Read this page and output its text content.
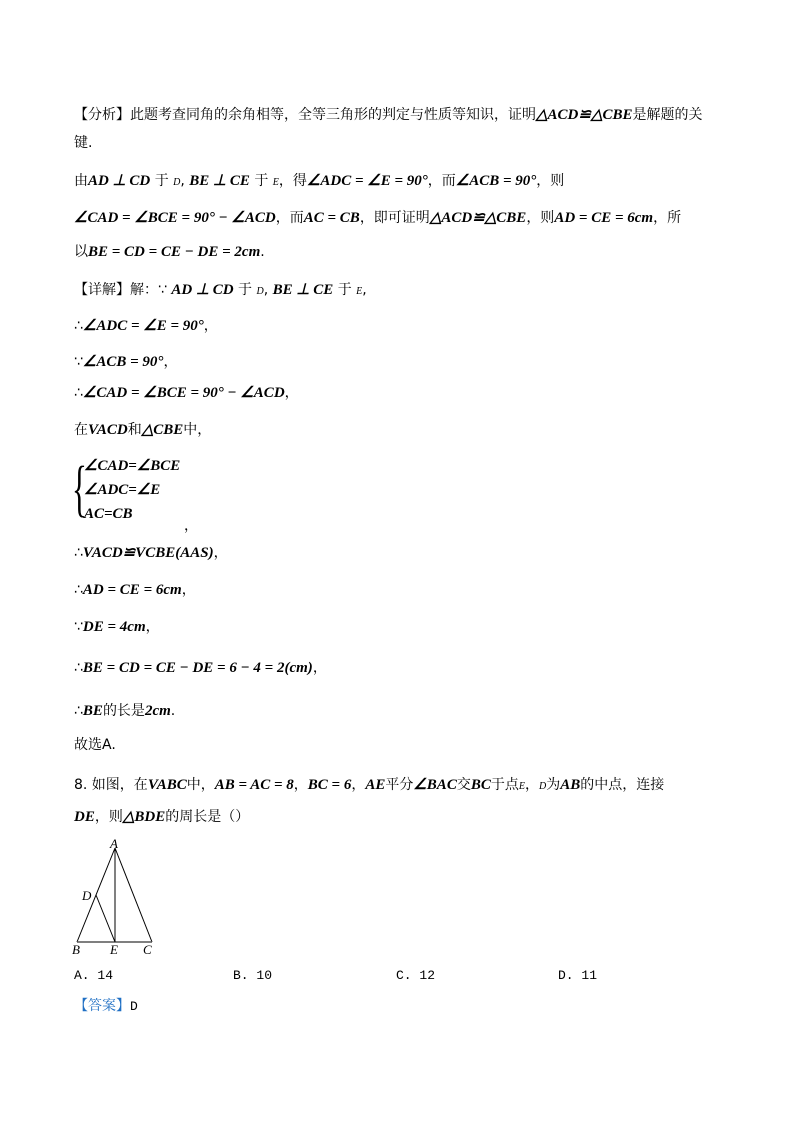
【分析】此题考查同角的余角相等，全等三角形的判定与性质等知识，证明△ACD≌△CBE是解题的关
键.
由AD ⊥ CD 于 D, BE ⊥ CE 于 E，得∠ADC = ∠E = 90°，而∠ACB = 90°，则
∠CAD = ∠BCE = 90° − ∠ACD，而AC = CB，即可证明△ACD≌△CBE，则AD = CE = 6cm，所
以BE = CD = CE − DE = 2cm.
【详解】解：∵ AD ⊥ CD 于 D, BE ⊥ CE 于 E,
∴∠ADC = ∠E = 90°，
∵∠ACB = 90°，
∴∠CAD = ∠BCE = 90° − ∠ACD，
在VACD和△CBE中，
∠CAD=∠BCE
∠ADC=∠E
AC=CB
，
∴VACD≌VCBE(AAS)，
∴AD = CE = 6cm，
∵DE = 4cm，
∴BE = CD = CE − DE = 6 − 4 = 2(cm)，
∴BE的长是2cm.
故选A.
8. 如图，在VABC中，AB = AC = 8，BC = 6，AE平分∠BAC交BC于点E，D为AB的中点，连接
DE，则△BDE的周长是（）
{
A
D
B E C
A. 14	B. 10	C. 12	D. 11
【答案】D
